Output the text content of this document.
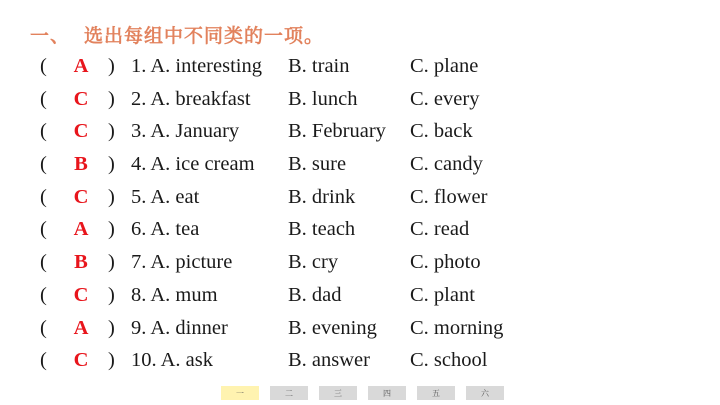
一、 选出每组中不同类的一项。
( A ) 1. A. interesting B. train	C. plane
( C ) 2. A. breakfast B. lunch	C. every
( C ) 3. A. January B. February C. back
( B ) 4. A. ice cream B. sure	C. candy
( C ) 5. A. eat	B. drink	C. flower
( A ) 6. A. tea	B. teach	C. read
( B ) 7. A. picture	B. cry	C. photo
( C ) 8. A. mum	B. dad	C. plant
( A ) 9. A. dinner	B. evening C. morning
( C ) 10. A. ask	B. answer C. school
一	二	三	四	五	六
